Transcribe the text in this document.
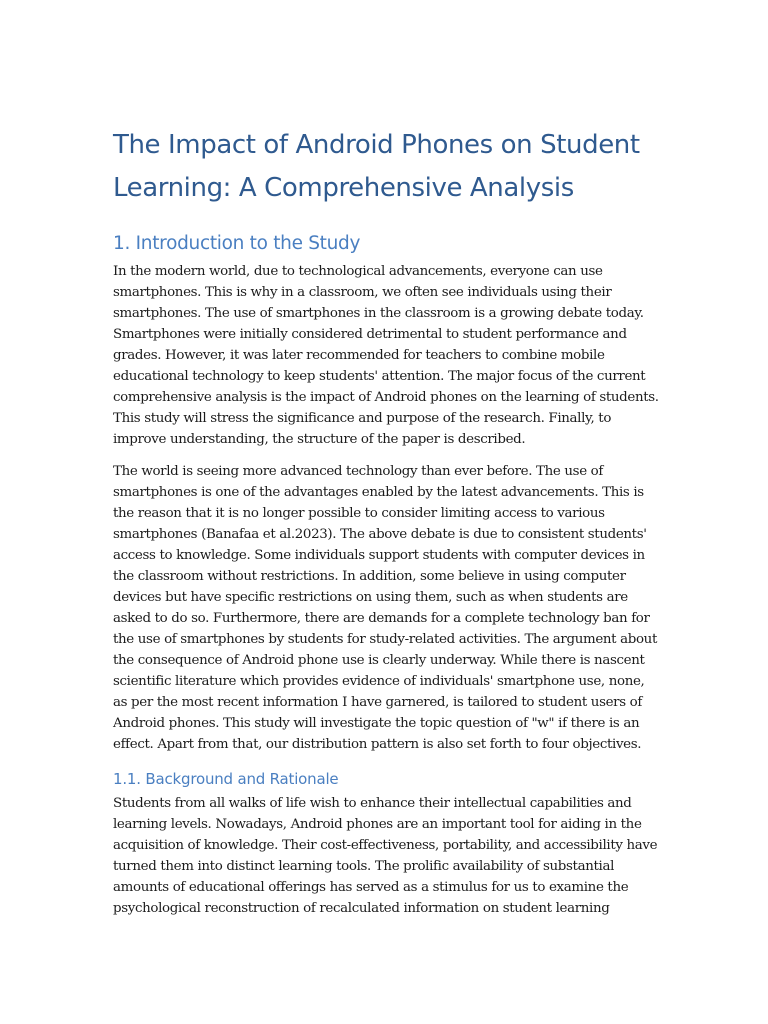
The Impact of Android Phones on Student Learning: A Comprehensive Analysis
1. Introduction to the Study

In the modern world, due to technological advancements, everyone can use smartphones. This is why in a classroom, we often see individuals using their smartphones. The use of smartphones in the classroom is a growing debate today. Smartphones were initially considered detrimental to student performance and grades. However, it was later recommended for teachers to combine mobile educational technology to keep students' attention. The major focus of the current comprehensive analysis is the impact of Android phones on the learning of students. This study will stress the significance and purpose of the research. Finally, to improve understanding, the structure of the paper is described.

The world is seeing more advanced technology than ever before. The use of smartphones is one of the advantages enabled by the latest advancements. This is the reason that it is no longer possible to consider limiting access to various smartphones (Banafaa et al.2023). The above debate is due to consistent students' access to knowledge. Some individuals support students with computer devices in the classroom without restrictions. In addition, some believe in using computer devices but have specific restrictions on using them, such as when students are asked to do so. Furthermore, there are demands for a complete technology ban for the use of smartphones by students for study-related activities. The argument about the consequence of Android phone use is clearly underway. While there is nascent scientific literature which provides evidence of individuals' smartphone use, none, as per the most recent information I have garnered, is tailored to student users of Android phones. This study will investigate the topic question of "w" if there is an effect. Apart from that, our distribution pattern is also set forth to four objectives.

1.1. Background and Rationale

Students from all walks of life wish to enhance their intellectual capabilities and learning levels. Nowadays, Android phones are an important tool for aiding in the acquisition of knowledge. Their cost-effectiveness, portability, and accessibility have turned them into distinct learning tools. The prolific availability of substantial amounts of educational offerings has served as a stimulus for us to examine the psychological reconstruction of recalculated information on student learning
